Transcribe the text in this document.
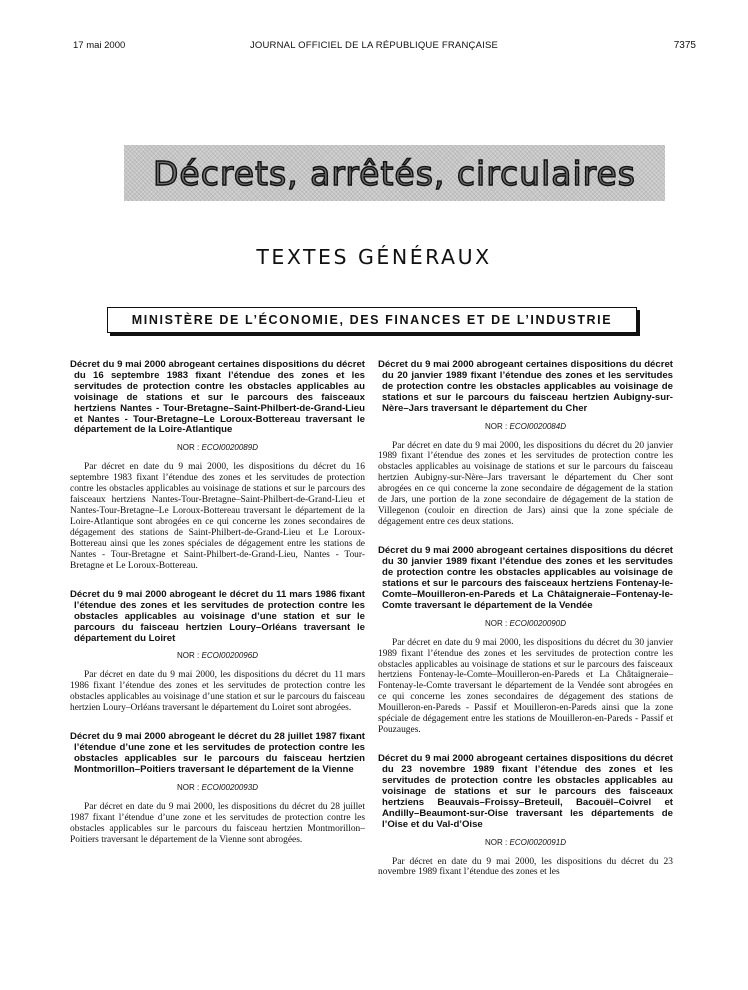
17 mai 2000	JOURNAL OFFICIEL DE LA RÉPUBLIQUE FRANÇAISE	7375
Décrets, arrêtés, circulaires
TEXTES GÉNÉRAUX
MINISTÈRE DE L’ÉCONOMIE, DES FINANCES ET DE L’INDUSTRIE

Décret du 9 mai 2000 abrogeant certaines dispositions du décret du 16 septembre 1983 fixant l’étendue des zones et les servitudes de protection contre les obstacles applicables au voisinage de stations et sur le parcours des faisceaux hertziens Nantes - Tour-Bretagne–Saint-Philbert-de-Grand-Lieu et Nantes - Tour-Bretagne–Le Loroux-Bottereau traversant le département de la Loire-Atlantique

NOR : ECOI0020089D

Par décret en date du 9 mai 2000, les dispositions du décret du 16 septembre 1983 fixant l’étendue des zones et les servitudes de protection contre les obstacles applicables au voisinage de stations et sur le parcours des faisceaux hertziens Nantes-Tour-Bretagne–Saint-Philbert-de-Grand-Lieu et Nantes-Tour-Bretagne–Le Loroux-Bottereau traversant le département de la Loire-Atlantique sont abrogées en ce qui concerne les zones secondaires de dégagement des stations de Saint-Philbert-de-Grand-Lieu et Le Loroux-Bottereau ainsi que les zones spéciales de dégagement entre les stations de Nantes - Tour-Bretagne et Saint-Philbert-de-Grand-Lieu, Nantes - Tour-Bretagne et Le Loroux-Bottereau.

Décret du 9 mai 2000 abrogeant le décret du 11 mars 1986 fixant l’étendue des zones et les servitudes de protection contre les obstacles applicables au voisinage d’une station et sur le parcours du faisceau hertzien Loury–Orléans traversant le département du Loiret

NOR : ECOI0020096D

Par décret en date du 9 mai 2000, les dispositions du décret du 11 mars 1986 fixant l’étendue des zones et les servitudes de protection contre les obstacles applicables au voisinage d’une station et sur le parcours du faisceau hertzien Loury–Orléans traversant le département du Loiret sont abrogées.

Décret du 9 mai 2000 abrogeant le décret du 28 juillet 1987 fixant l’étendue d’une zone et les servitudes de protection contre les obstacles applicables sur le parcours du faisceau hertzien Montmorillon–Poitiers traversant le département de la Vienne

NOR : ECOI0020093D

Par décret en date du 9 mai 2000, les dispositions du décret du 28 juillet 1987 fixant l’étendue d’une zone et les servitudes de protection contre les obstacles applicables sur le parcours du faisceau hertzien Montmorillon–Poitiers traversant le département de la Vienne sont abrogées.

Décret du 9 mai 2000 abrogeant certaines dispositions du décret du 20 janvier 1989 fixant l’étendue des zones et les servitudes de protection contre les obstacles applicables au voisinage de stations et sur le parcours du faisceau hertzien Aubigny-sur-Nère–Jars traversant le département du Cher

NOR : ECOI0020084D

Par décret en date du 9 mai 2000, les dispositions du décret du 20 janvier 1989 fixant l’étendue des zones et les servitudes de protection contre les obstacles applicables au voisinage de stations et sur le parcours du faisceau hertzien Aubigny-sur-Nère–Jars traversant le département du Cher sont abrogées en ce qui concerne la zone secondaire de dégagement de la station de Jars, une portion de la zone secondaire de dégagement de la station de Villegenon (couloir en direction de Jars) ainsi que la zone spéciale de dégagement entre ces deux stations.

Décret du 9 mai 2000 abrogeant certaines dispositions du décret du 30 janvier 1989 fixant l’étendue des zones et les servitudes de protection contre les obstacles applicables au voisinage de stations et sur le parcours des faisceaux hertziens Fontenay-le-Comte–Mouilleron-en-Pareds et La Châtaigneraie–Fontenay-le-Comte traversant le département de la Vendée

NOR : ECOI0020090D

Par décret en date du 9 mai 2000, les dispositions du décret du 30 janvier 1989 fixant l’étendue des zones et les servitudes de protection contre les obstacles applicables au voisinage de stations et sur le parcours des faisceaux hertziens Fontenay-le-Comte–Mouilleron-en-Pareds et La Châtaigneraie–Fontenay-le-Comte traversant le département de la Vendée sont abrogées en ce qui concerne les zones secondaires de dégagement des stations de Mouilleron-en-Pareds - Passif et Mouilleron-en-Pareds ainsi que la zone spéciale de dégagement entre les stations de Mouilleron-en-Pareds - Passif et Pouzauges.

Décret du 9 mai 2000 abrogeant certaines dispositions du décret du 23 novembre 1989 fixant l’étendue des zones et les servitudes de protection contre les obstacles applicables au voisinage de stations et sur le parcours des faisceaux hertziens Beauvais–Froissy–Breteuil, Bacouël–Coivrel et Andilly–Beaumont-sur-Oise traversant les départements de l’Oise et du Val-d’Oise

NOR : ECOI0020091D

Par décret en date du 9 mai 2000, les dispositions du décret du 23 novembre 1989 fixant l’étendue des zones et les
